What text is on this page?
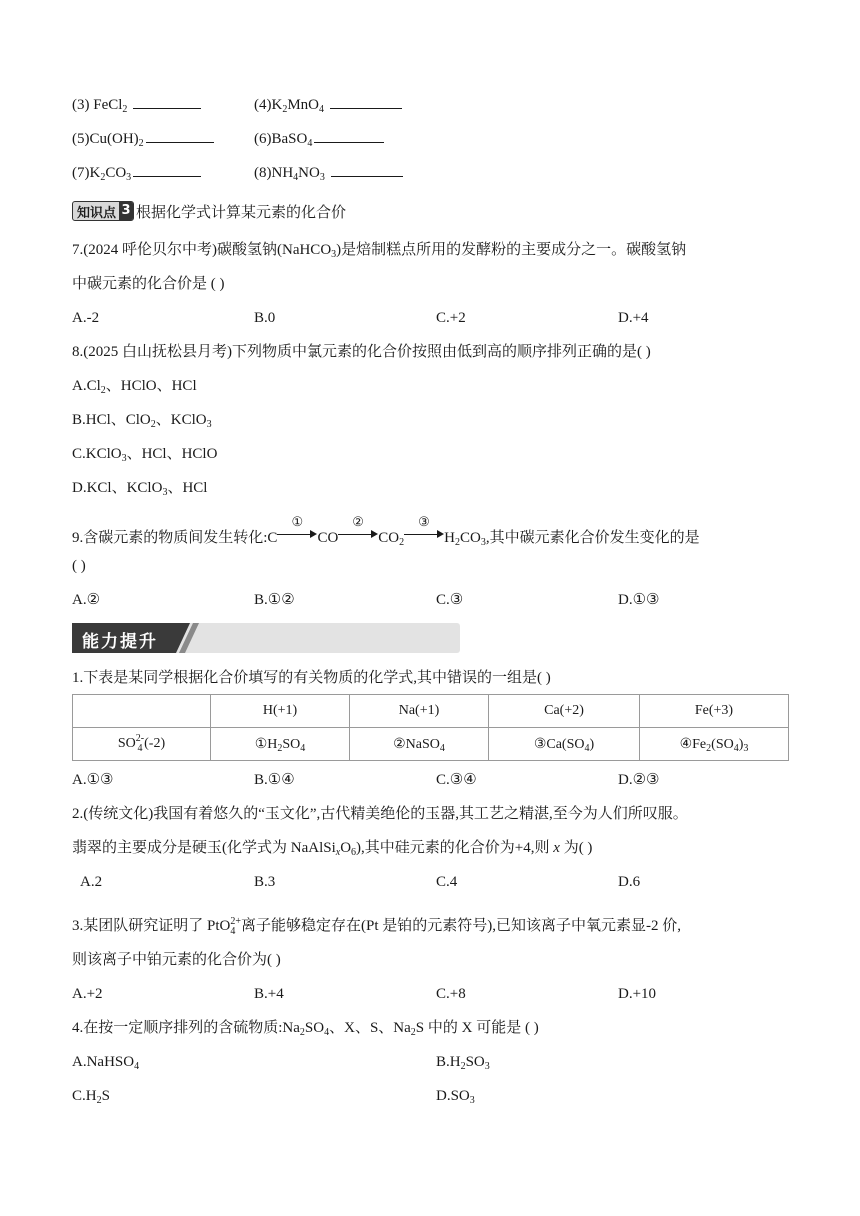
(3) FeCl$_2$	$(4)K_2MnO_4$
$(5)Cu(OH)_2$	(6)BaSO$_4$
$(7)K_2CO_3$	$(8)NH_4NO_3$
知识点 3 根据化学式计算某元素的化合价
7.(2024 呼伦贝尔中考)碳酸氢钠(NaHCO$_3$)是焙制糕点所用的发酵粉的主要成分之一。碳酸氢钠
中碳元素的化合价是 ( )
A.-2	B.0	C.+2	D.+4
8.(2025 白山抚松县月考)下列物质中氯元素的化合价按照由低到高的顺序排列正确的是( )
$A.Cl_2$、HClO、HCl
B.HCl、ClO$_2$、KClO$_3$
C.KClO$_3$、HCl、HClO
D.KCl、KClO$_3$、HCl
9.含碳元素的物质间发生转化:C
①
CO
②
$CO_2$
③
$H_2CO_3$,其中碳元素化合价发生变化的是
( )
A.②	B.①②	C.③	D.①③
能力提升
1.下表是某同学根据化合价填写的有关物质的化学式,其中错误的一组是( )
	H(+1)	Na(+1)	Ca(+2)	Fe(+3)
SO 2-
4 (-2)	$①H_2SO_4$	②NaSO$_4$	$③Ca(SO_4)$	$④Fe_2(SO_4)_3$
A.①③	B.①④	C.③④	D.②③
2.(传统文化)我国有着悠久的“玉文化”,古代精美绝伦的玉器,其工艺之精湛,至今为人们所叹服。
翡翠的主要成分是硬玉(化学式为 $NaAlSi_xO_6$),其中硅元素的化合价为+4,则 x 为( )
A.2	B.3	C.4	D.6
3.某团队研究证明了 PtO 2+
4 离子能够稳定存在(Pt 是铂的元素符号),已知该离子中氧元素显-2 价,
则该离子中铂元素的化合价为( )
A.+2	B.+4	C.+8	D.+10
4.在按一定顺序排列的含硫物质$:Na_2SO_4$、X、S、$Na_2S$ 中的 X 可能是 ( )
A.NaHSO$_4$	$B.H_2SO_3$
$C.H_2S$	$D.SO_3$
